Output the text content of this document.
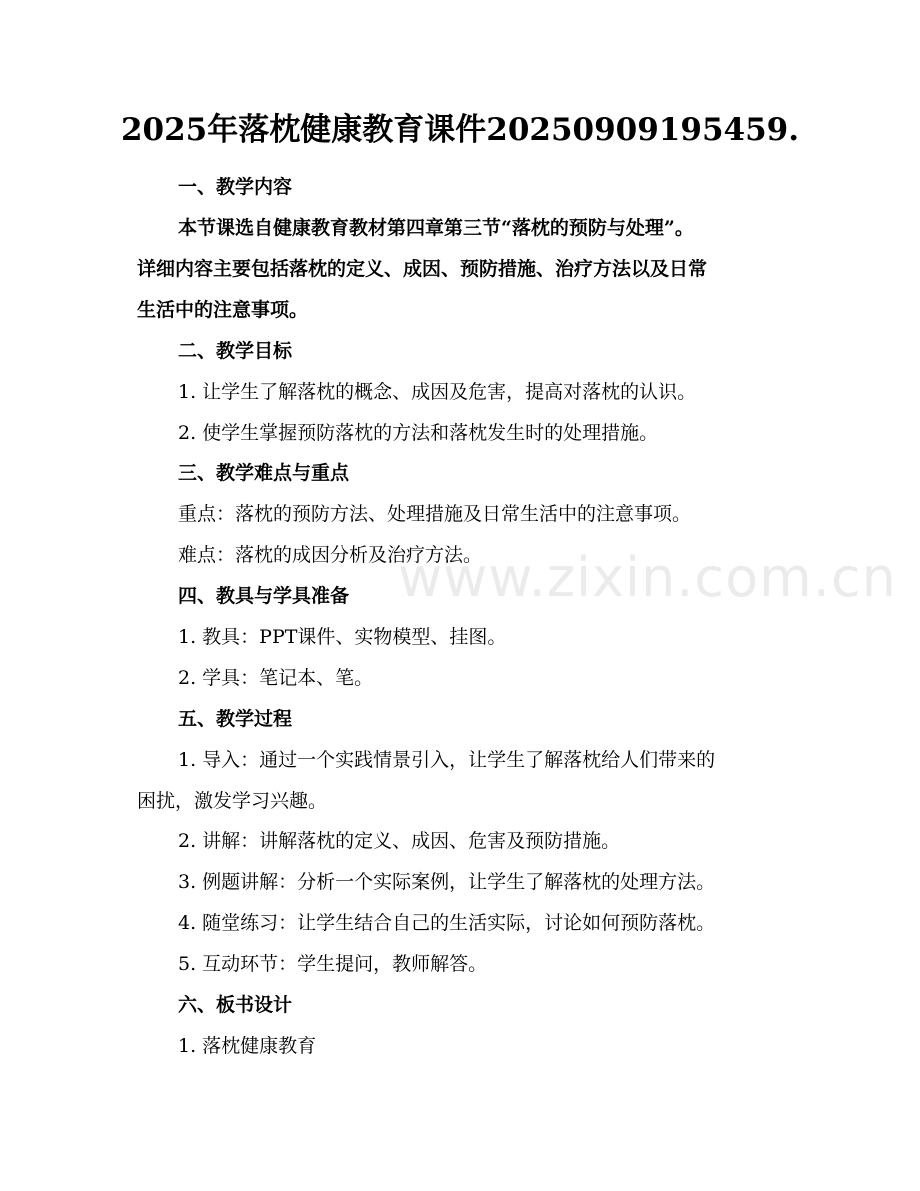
www.zixin.com.cn
2025年落枕健康教育课件20250909195459.
一、教学内容
本节课选自健康教育教材第四章第三节“落枕的预防与处理”。
详细内容主要包括落枕的定义、成因、预防措施、治疗方法以及日常
生活中的注意事项。
二、教学目标
1. 让学生了解落枕的概念、成因及危害，提高对落枕的认识。
2. 使学生掌握预防落枕的方法和落枕发生时的处理措施。
三、教学难点与重点
重点：落枕的预防方法、处理措施及日常生活中的注意事项。
难点：落枕的成因分析及治疗方法。
四、教具与学具准备
1. 教具：PPT课件、实物模型、挂图。
2. 学具：笔记本、笔。
五、教学过程
1. 导入：通过一个实践情景引入，让学生了解落枕给人们带来的
困扰，激发学习兴趣。
2. 讲解：讲解落枕的定义、成因、危害及预防措施。
3. 例题讲解：分析一个实际案例，让学生了解落枕的处理方法。
4. 随堂练习：让学生结合自己的生活实际，讨论如何预防落枕。
5. 互动环节：学生提问，教师解答。
六、板书设计
1. 落枕健康教育
